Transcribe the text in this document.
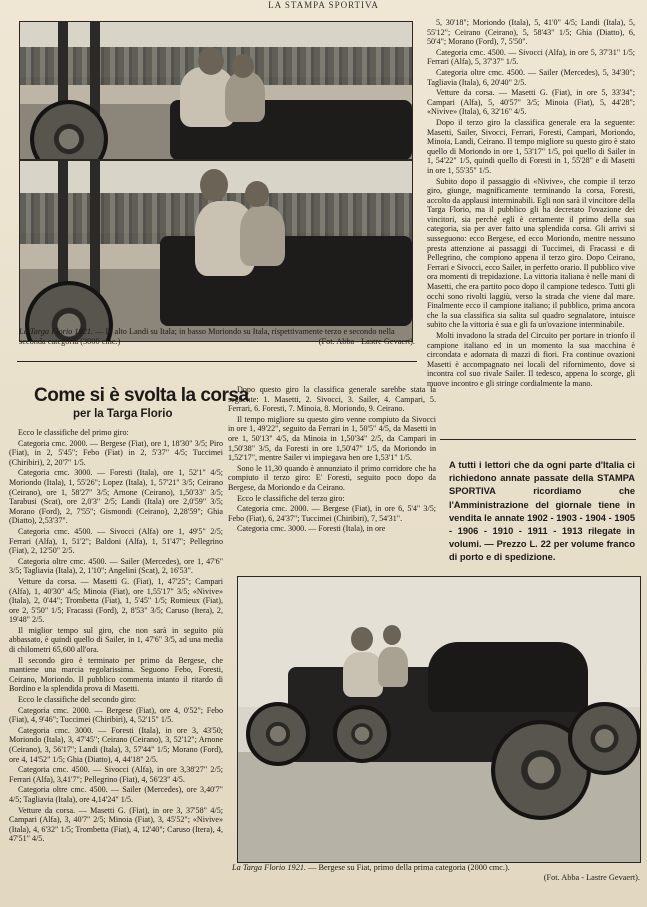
LA STAMPA SPORTIVA
La Targa Florio 1921. — In alto Landi su Itala; in basso Moriondo su Itala, rispettivamente terzo e secondo nella seconda categoria (3000 cmc.)	(Fot. Abba - Lastre Gevaert).
Come si è svolta la corsa
per la Targa Florio

Ecco le classifiche del primo giro:

Categoria cmc. 2000. — Bergese (Fiat), ore 1, 18'30" 3/5; Piro (Fiat), in 2, 5'45"; Febo (Fiat) in 2, 5'37" 4/5; Tuccimei (Chiribiri), 2, 20'7" 1/5.

Categoria cmc. 3000. — Foresti (Itala), ore 1, 52'1" 4/5; Moriondo (Itala), 1, 55'26"; Lopez (Itala), 1, 57'21" 3/5; Ceirano (Ceirano), ore 1, 58'27" 3/5; Arnone (Ceirano), 1,50'33" 3/5; Tarabusi (Scat), ore 2,0'3" 2/5; Landi (Itala) ore 2,0'59" 3/5; Morano (Ford), 2, 7'55"; Gismondi (Ceirano), 2,28'59"; Ghia (Diatto), 2,53'37".

Categoria cmc. 4500. — Sivocci (Alfa) ore 1, 49'5" 2/5; Ferrari (Alfa), 1, 51'2"; Baldoni (Alfa), 1, 51'47"; Pellegrino (Fiat), 2, 12'50" 2/5.

Categoria oltre cmc. 4500. — Sailer (Mercedes), ore 1, 47'6" 3/5; Tagliavia (Itala), 2, 1'10"; Angelini (Scat), 2, 16'53".

Vetture da corsa. — Masetti G. (Fiat), 1, 47'25"; Campari (Alfa), 1, 40'30" 4/5; Minoia (Fiat), ore 1,55'17" 3/5; «Nivive» (Itala), 2, 0'44"; Trombetta (Fiat), 1, 5'45" 1/5; Romieux (Fiat), ore 2, 5'50" 1/5; Fracassi (Ford), 2, 8'53" 3/5; Caruso (Itera), 2, 19'48" 2/5.

Il miglior tempo sul giro, che non sarà in seguito più abbassato, è quindi quello di Sailer, in 1, 47'6" 3/5, ad una media di chilometri 65,600 all'ora.

Il secondo giro è terminato per primo da Bergese, che mantiene una marcia regolarissima. Seguono Febo, Foresti, Ceirano, Moriondo. Il pubblico commenta intanto il ritardo di Bordino e la splendida prova di Masetti.

Ecco le classifiche del secondo giro:

Categoria cmc. 2000. — Bergese (Fiat), ore 4, 0'52"; Febo (Fiat), 4, 9'46"; Tuccimei (Chiribiri), 4, 52'15" 1/5.

Categoria cmc. 3000. — Foresti (Itala), in ore 3, 43'50; Moriondo (Itala), 3, 47'45"; Ceirano (Ceirano), 3, 52'12"; Arnone (Ceirano), 3, 56'17"; Landi (Itala), 3, 57'44" 1/5; Morano (Ford), ore 4, 14'52" 1/5; Ghia (Diatto), 4, 44'18" 2/5.

Categoria cmc. 4500. — Sivocci (Alfa), in ore 3,38'27" 2/5; Ferrari (Alfa), 3,41'7"; Pellegrino (Fiat), 4, 56'23" 4/5.

Categoria oltre cmc. 4500. — Sailer (Mercedes), ore 3,40'7" 4/5; Tagliavia (Itala), ore 4,14'24" 1/5.

Vetture da corsa. — Masetti G. (Fiat), in ore 3, 37'58" 4/5; Campari (Alfa), 3, 40'7" 2/5; Minoia (Fiat), 3, 45'52"; «Nivive» (Itala), 4, 6'32" 1/5; Trombetta (Fiat), 4, 12'40"; Caruso (Itera), 4, 47'51" 4/5.

Dopo questo giro la classifica generale sarebbe stata la seguente: 1. Masetti, 2. Sivocci, 3. Sailer, 4. Campari, 5. Ferrari, 6. Foresti, 7. Minoia, 8. Moriondo, 9. Ceirano.

Il tempo migliore su questo giro venne compiuto da Sivocci in ore 1, 49'22", seguito da Ferrari in 1, 50'5" 4/5, da Masetti in ore 1, 50'13" 4/5, da Minoia in 1,50'34" 2/5, da Campari in 1,50'38" 3/5, da Foresti in ore 1,50'47" 1/5, da Moriondo in 1,52'17", mentre Sailer vi impiegava ben ore 1,53'1" 1/5.

Sono le 11,30 quando è annunziato il primo corridore che ha compiuto il terzo giro: E' Foresti, seguito poco dopo da Bergese, da Moriondo e da Ceirano.

Ecco le classifiche del terzo giro:

Categoria cmc. 2000. — Bergese (Fiat), in ore 6, 5'4" 3/5; Febo (Fiat), 6, 24'37"; Tuccimei (Chiribiri), 7, 54'31".

Categoria cmc. 3000. — Foresti (Itala), in ore

5, 30'18"; Moriondo (Itala), 5, 41'0" 4/5; Landi (Itala), 5, 55'12"; Ceirano (Ceirano), 5, 58'43" 1/5; Ghia (Diatto), 6, 50'4"; Morano (Ford), 7, 5'50".

Categoria cmc. 4500. — Sivocci (Alfa), in ore 5, 37'31" 1/5; Ferrari (Alfa), 5, 37'37" 1/5.

Categoria oltre cmc. 4500. — Sailer (Mercedes), 5, 34'30"; Tagliavia (Itala), 6, 20'40" 2/5.

Vetture da corsa. — Masetti G. (Fiat), in ore 5, 33'34"; Campari (Alfa), 5, 40'57" 3/5; Minoia (Fiat), 5, 44'28"; «Nivive» (Itala), 6, 32'16" 4/5.

Dopo il terzo giro la classifica generale era la seguente: Masetti, Sailer, Sivocci, Ferrari, Foresti, Campari, Moriondo, Minoia, Landi, Ceirano. Il tempo migliore su questo giro è stato quello di Moriondo in ore 1, 53'17" 1/5, poi quello di Sailer in 1, 54'22" 1/5, quindi quello di Foresti in 1, 55'28" e di Masetti in ore 1, 55'35" 1/5.

Subito dopo il passaggio di «Nivive», che compie il terzo giro, giunge, magnificamente terminando la corsa, Foresti, accolto da applausi interminabili. Egli non sarà il vincitore della Targa Florio, ma il pubblico gli ha decretato l'ovazione dei vincitori, sia perchè egli è certamente il primo della sua categoria, sia per aver fatto una splendida corsa. Gli arrivi si susseguono: ecco Bergese, ed ecco Moriondo, mentre nessuno presta attenzione ai passaggi di Tuccimei, di Fracassi e di Pellegrino, che compiono appena il terzo giro. Dopo Ceirano, Ferrari e Sivocci, ecco Sailer, in perfetto orario. Il pubblico vive ora momenti di trepidazione. La vittoria italiana è nelle mani di Masetti, che era partito poco dopo il campione tedesco. Tutti gli occhi sono rivolti laggiù, verso la strada che viene dal mare. Finalmente ecco il campione italiano; il pubblico, prima ancora che la sua classifica sia salita sul quadro segnalatore, intuisce subito che la vittoria è sua e gli fa un'ovazione interminabile.

Molti invadono la strada del Circuito per portare in trionfo il campione italiano ed in un momento la sua macchina è circondata e adornata di mazzi di fiori. Fra continue ovazioni Masetti è accompagnato nei locali del rifornimento, dove si incontra col suo rivale Sailer. Il tedesco, appena lo scorge, gli muove incontro e gli stringe cordialmente la mano.

A tutti i lettori che da ogni parte d'Italia ci richiedono annate passate della STAMPA SPORTIVA ricordiamo che l'Amministrazione del giornale tiene in vendita le annate 1902 - 1903 - 1904 - 1905 - 1906 - 1910 - 1911 - 1913 rilegate in volumi. — Prezzo L. 22 per volume franco di porto e di spedizione.
La Targa Florio 1921. — Bergese su Fiat, primo della prima categoria (2000 cmc.).
(Fot. Abba - Lastre Gevaert).
